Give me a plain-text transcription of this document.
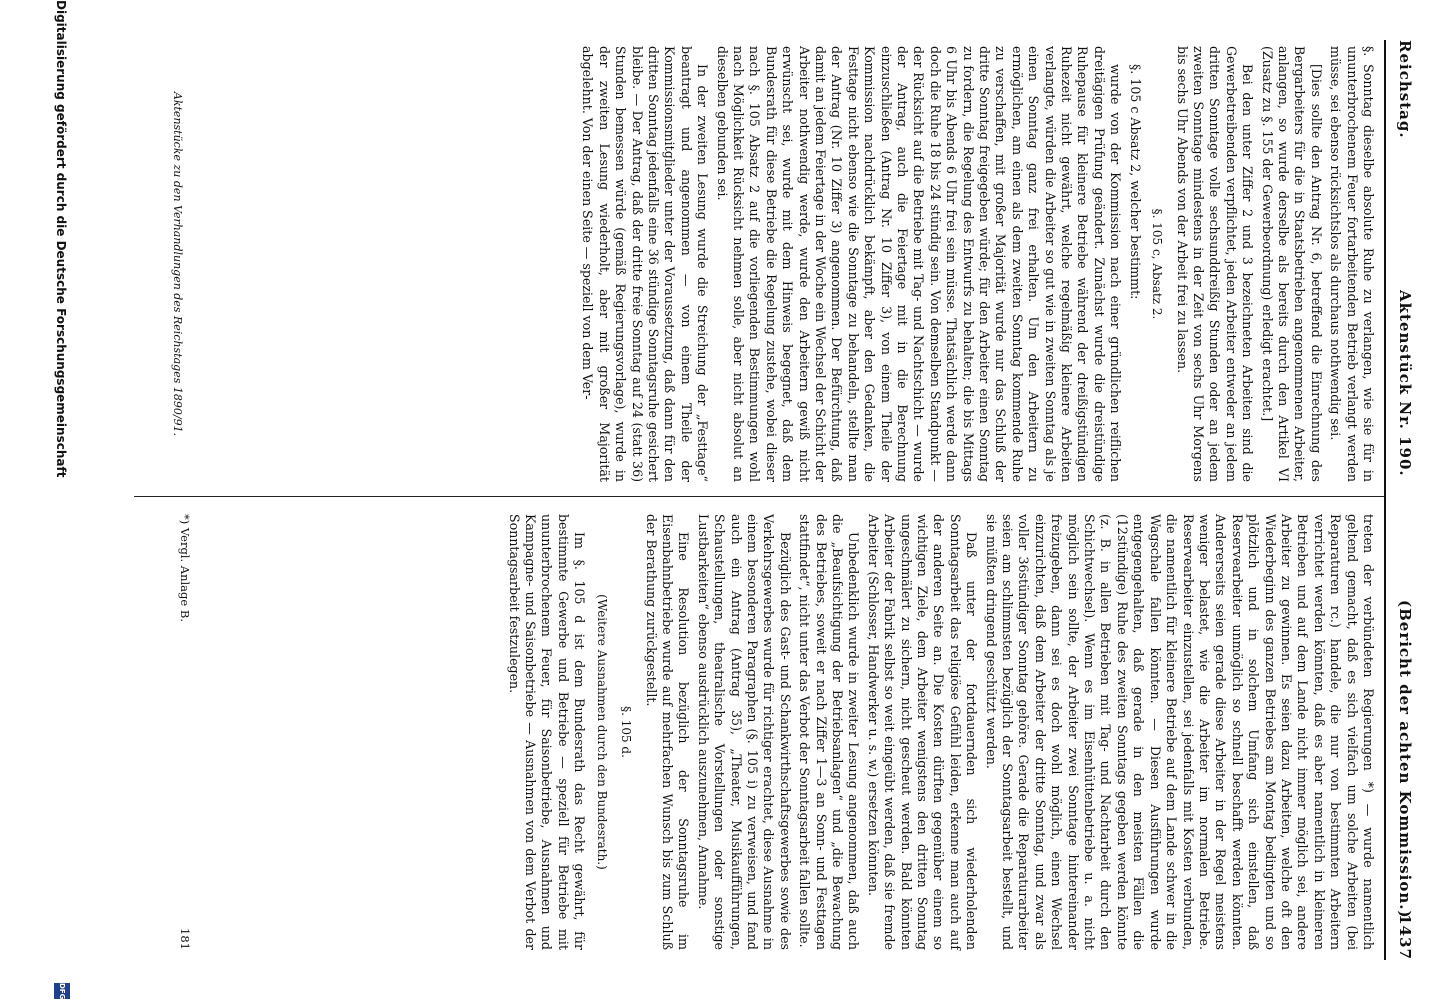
Reichstag.
Aktenstück Nr. 190.
1437
(Bericht der achten Kommission.)

§. Sonntag dieselbe absolute Ruhe zu verlangen, wie sie für in ununterbrochenem Feuer fortarbeitenden Betrieb verlangt werden müsse, sei ebenso rücksichtslos als durchaus nothwendig sei.

[Dies sollte den Antrag Nr. 6, betreffend die Einrechnung des Bergarbeiters für die in Staatsbetrieben angenommenen Arbeiter, anlangen, so wurde derselbe als bereits durch den Artikel VI (Zusatz zu §. 155 der Gewerbeordnung) erledigt erachtet.]

Bei den unter Ziffer 2 und 3 bezeichneten Arbeiten sind die Gewerbetreibenden verpflichtet, jeden Arbeiter entweder an jedem dritten Sonntage volle sechsunddreißig Stunden oder an jedem zweiten Sonntage mindestens in der Zeit von sechs Uhr Morgens bis sechs Uhr Abends von der Arbeit frei zu lassen.

§. 105 c, Absatz 2.

§. 105 c Absatz 2, welcher bestimmt:

wurde von der Kommission nach einer gründlichen reiflichen dreitägigen Prüfung geändert. Zunächst wurde die dreistündige Ruhepause für kleinere Betriebe während der dreißigstündigen Ruhezeit nicht gewährt, welche regelmäßig kleinere Arbeiten verlangte, würden die Arbeiter so gut wie in zweiten Sonntag als je einen Sonntag ganz frei erhalten. Um den Arbeitern zu ermöglichen, am einen als dem zweiten Sonntag kommende Ruhe zu verschaffen, mit großer Majorität wurde nur das Schluß der dritte Sonntag freigegeben würde; für den Arbeiter einen Sonntag zu fordern, die Regelung des Entwurfs zu behalten; die bis Mittags 6 Uhr bis Abends 6 Uhr frei sein müsse. Thatsächlich werde dann doch die Ruhe 18 bis 24 stündig sein. Von demselben Standpunkt — der Rücksicht auf die Betriebe mit Tag- und Nachtschicht — wurde der Antrag, auch die Feiertage mit in die Berechnung einzuschließen (Antrag Nr. 10 Ziffer 3), von einem Theile der Kommission nachdrücklich bekämpft, aber den Gedanken, die Festtage nicht ebenso wie die Sonntage zu behandeln, stellte man der Antrag (Nr. 10 Ziffer 3) angenommen. Der Befürchtung, daß damit an jedem Feiertage in der Woche ein Wechsel der Schicht der Arbeiter nothwendig werde, wurde den Arbeitern gewiß nicht erwünscht sei, wurde mit dem Hinweis begegnet, daß dem Bundesrath für diese Betriebe die Regelung zustehe, wobei dieser nach §. 105 Absatz 2 auf die vorliegenden Bestimmungen wohl nach Möglichkeit Rücksicht nehmen solle, aber nicht absolut an dieselben gebunden sei.

In der zweiten Lesung wurde die Streichung der „Festtage“ beantragt und angenommen — von einem Theile der Kommissionsmitglieder unter der Voraussetzung, daß dann für den dritten Sonntag jedenfalls eine 36 stündige Sonntagsruhe gesichert bleibe. — Der Antrag, daß der dritte freie Sonntag auf 24 (statt 36) Stunden bemessen würde (gemäß Regierungsvorlage), wurde in der zweiten Lesung wiederholt, aber mit großer Majorität abgelehnt. Von der einen Seite — speziell von dem Ver-

treten der verbündeten Regierungen *) — wurde namentlich geltend gemacht, daß es sich vielfach um solche Arbeiten (bei Reparaturen rc.) handele, die nur von bestimmten Arbeitern verrichtet werden könnten, daß es aber namentlich in kleineren Betrieben und auf dem Lande nicht immer möglich sei, andere Arbeiter zu gewinnen. Es seien dazu Arbeiten, welche oft den Wiederbeginn des ganzen Betriebes am Montag bedingten und so plötzlich und in solchem Umfang sich einstellen, daß Reservearbeiter unmöglich so schnell beschafft werden könnten. Andererseits seien gerade diese Arbeiter in der Regel meistens weniger belastet, wie die Arbeiter im normalen Betriebe. Reservearbeiter einzustellen, sei jedenfalls mit Kosten verbunden, die namentlich für kleinere Betriebe auf dem Lande schwer in die Wagschale fallen könnten. — Diesen Ausführungen wurde entgegengehalten, daß gerade in den meisten Fällen die (12stündige) Ruhe des zweiten Sonntags gegeben werden könnte (z. B. in allen Betrieben mit Tag- und Nachtarbeit durch den Schichtwechsel). Wenn es im Eisenhüttenbetriebe u. a. nicht möglich sein sollte, der Arbeiter zwei Sonntage hintereinander freizugeben, dann sei es doch wohl möglich, einen Wechsel einzurichten, daß dem Arbeiter der dritte Sonntag, und zwar als voller 36stündiger Sonntag gehöre. Gerade die Reparaturarbeiter seien am schlimmsten bezüglich der Sonntagsarbeit bestellt, und sie müßten dringend geschützt werden.

Daß unter der fortdauernden sich wiederholenden Sonntagsarbeit das religiöse Gefühl leiden, erkenne man auch auf der anderen Seite an. Die Kosten dürften gegenüber einem so wichtigen Ziele, dem Arbeiter wenigstens den dritten Sonntag ungeschmälert zu sichern, nicht gescheut werden. Bald könnten Arbeiter der Fabrik selbst so weit eingeübt werden, daß sie fremde Arbeiter (Schlosser, Handwerker u. s. w.) ersetzen könnten.

Unbedenklich wurde in zweiter Lesung angenommen, daß auch die „Beaufsichtigung der Betriebsanlagen“ und „die Bewachung des Betriebes, soweit er nach Ziffer 1—3 an Sonn- und Festtagen stattfindet“, nicht unter das Verbot der Sonntagsarbeit fallen sollte.

Bezüglich des Gast- und Schankwirthschaftsgewerbes sowie des Verkehrsgewerbes wurde für richtiger erachtet, diese Ausnahme in einem besonderen Paragraphen (§. 105 i) zu verweisen, und fand auch ein Antrag (Antrag 35), „Theater, Musikaufführungen, Schaustellungen, theatralische Vorstellungen oder sonstige Lustbarkeiten“ ebenso ausdrücklich auszunehmen, Annahme.

Eine Resolution bezüglich der Sonntagsruhe im Eisenbahnbetriebe wurde auf mehrfachen Wunsch bis zum Schluß der Berathung zurückgestellt.

§. 105 d.

(Weitere Ausnahmen durch den Bundesrath.)

Im §. 105 d ist dem Bundesrath das Recht gewährt, für bestimmte Gewerbe und Betriebe — speziell für Betriebe mit ununterbrochenem Feuer, für Saisonbetriebe, Ausnahmen und Kampagne- und Saisonbetriebe — Ausnahmen von dem Verbot der Sonntagsarbeit festzulegen.

*) Vergl. Anlage B.
181
Aktenstücke zu den Verhandlungen des Reichstages 1890/91.
Digitalisierung gefördert durch die Deutsche Forschungsgemeinschaft
DFG
